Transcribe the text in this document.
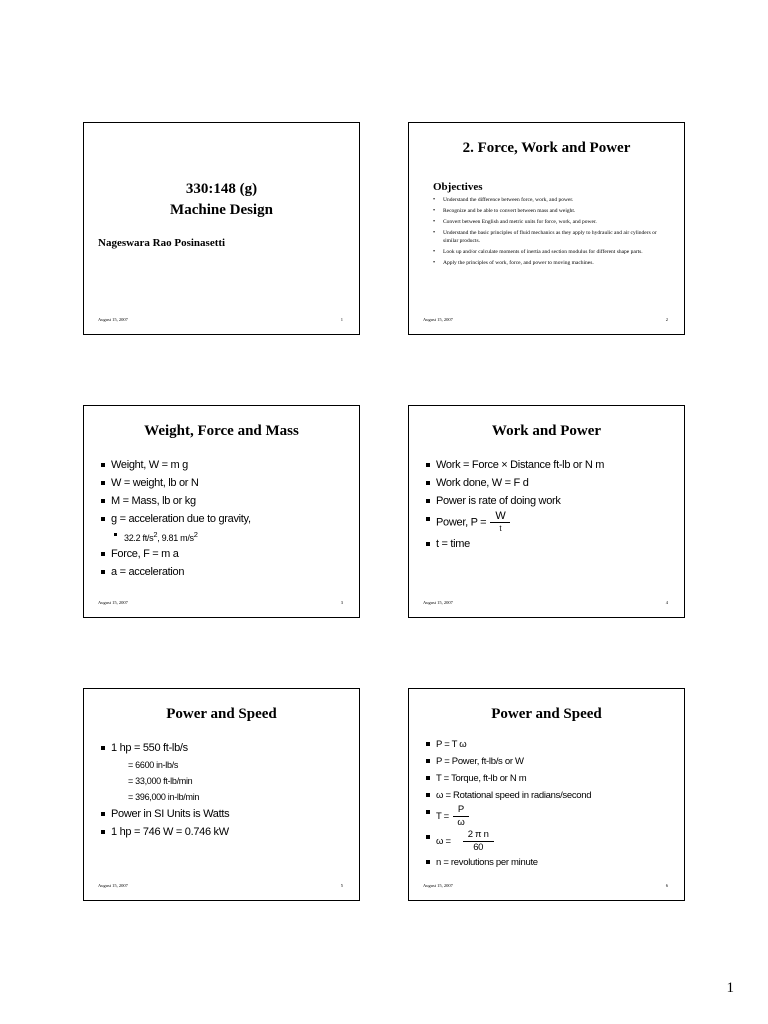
330:148 (g)
Machine Design
Nageswara Rao Posinasetti
August 15, 2007	1
2. Force, Work and Power
Objectives
• Understand the difference between force, work, and power.
• Recognize and be able to convert between mass and weight.
• Convert between English and metric units for force, work, and power.
• Understand the basic principles of fluid mechanics as they apply to hydraulic and air cylinders or similar products.
• Look up and/or calculate moments of inertia and section modulus for different shape parts.
• Apply the principles of work, force, and power to moving machines.
August 15, 2007	2
Weight, Force and Mass
Weight, W = m g
W = weight, lb or N
M = Mass, lb or kg
g = acceleration due to gravity,
32.2 $ft/s^2$, 9.81 $m/s^2$
Force, F = m a
a = acceleration
August 15, 2007	3
Work and Power
Work = Force × Distance ft-lb or N m
Work done, W = F d
Power is rate of doing work
Power, $P = \frac{W}{t}$
t = time
August 15, 2007	4
Power and Speed
1 hp = 550 ft-lb/s
= 6600 in-lb/s
= 33,000 ft-lb/min
= 396,000 in-lb/min
Power in SI Units is Watts
1 hp = 746 W = 0.746 kW
August 15, 2007	5
Power and Speed
P = T ω
P = Power, ft-lb/s or W
T = Torque, ft-lb or N m
ω = Rotational speed in radians/second
$T = \frac{P}{\omega}$
$\omega = \frac{\text{2 π n}}{60}$
n = revolutions per minute
August 15, 2007	6
1
